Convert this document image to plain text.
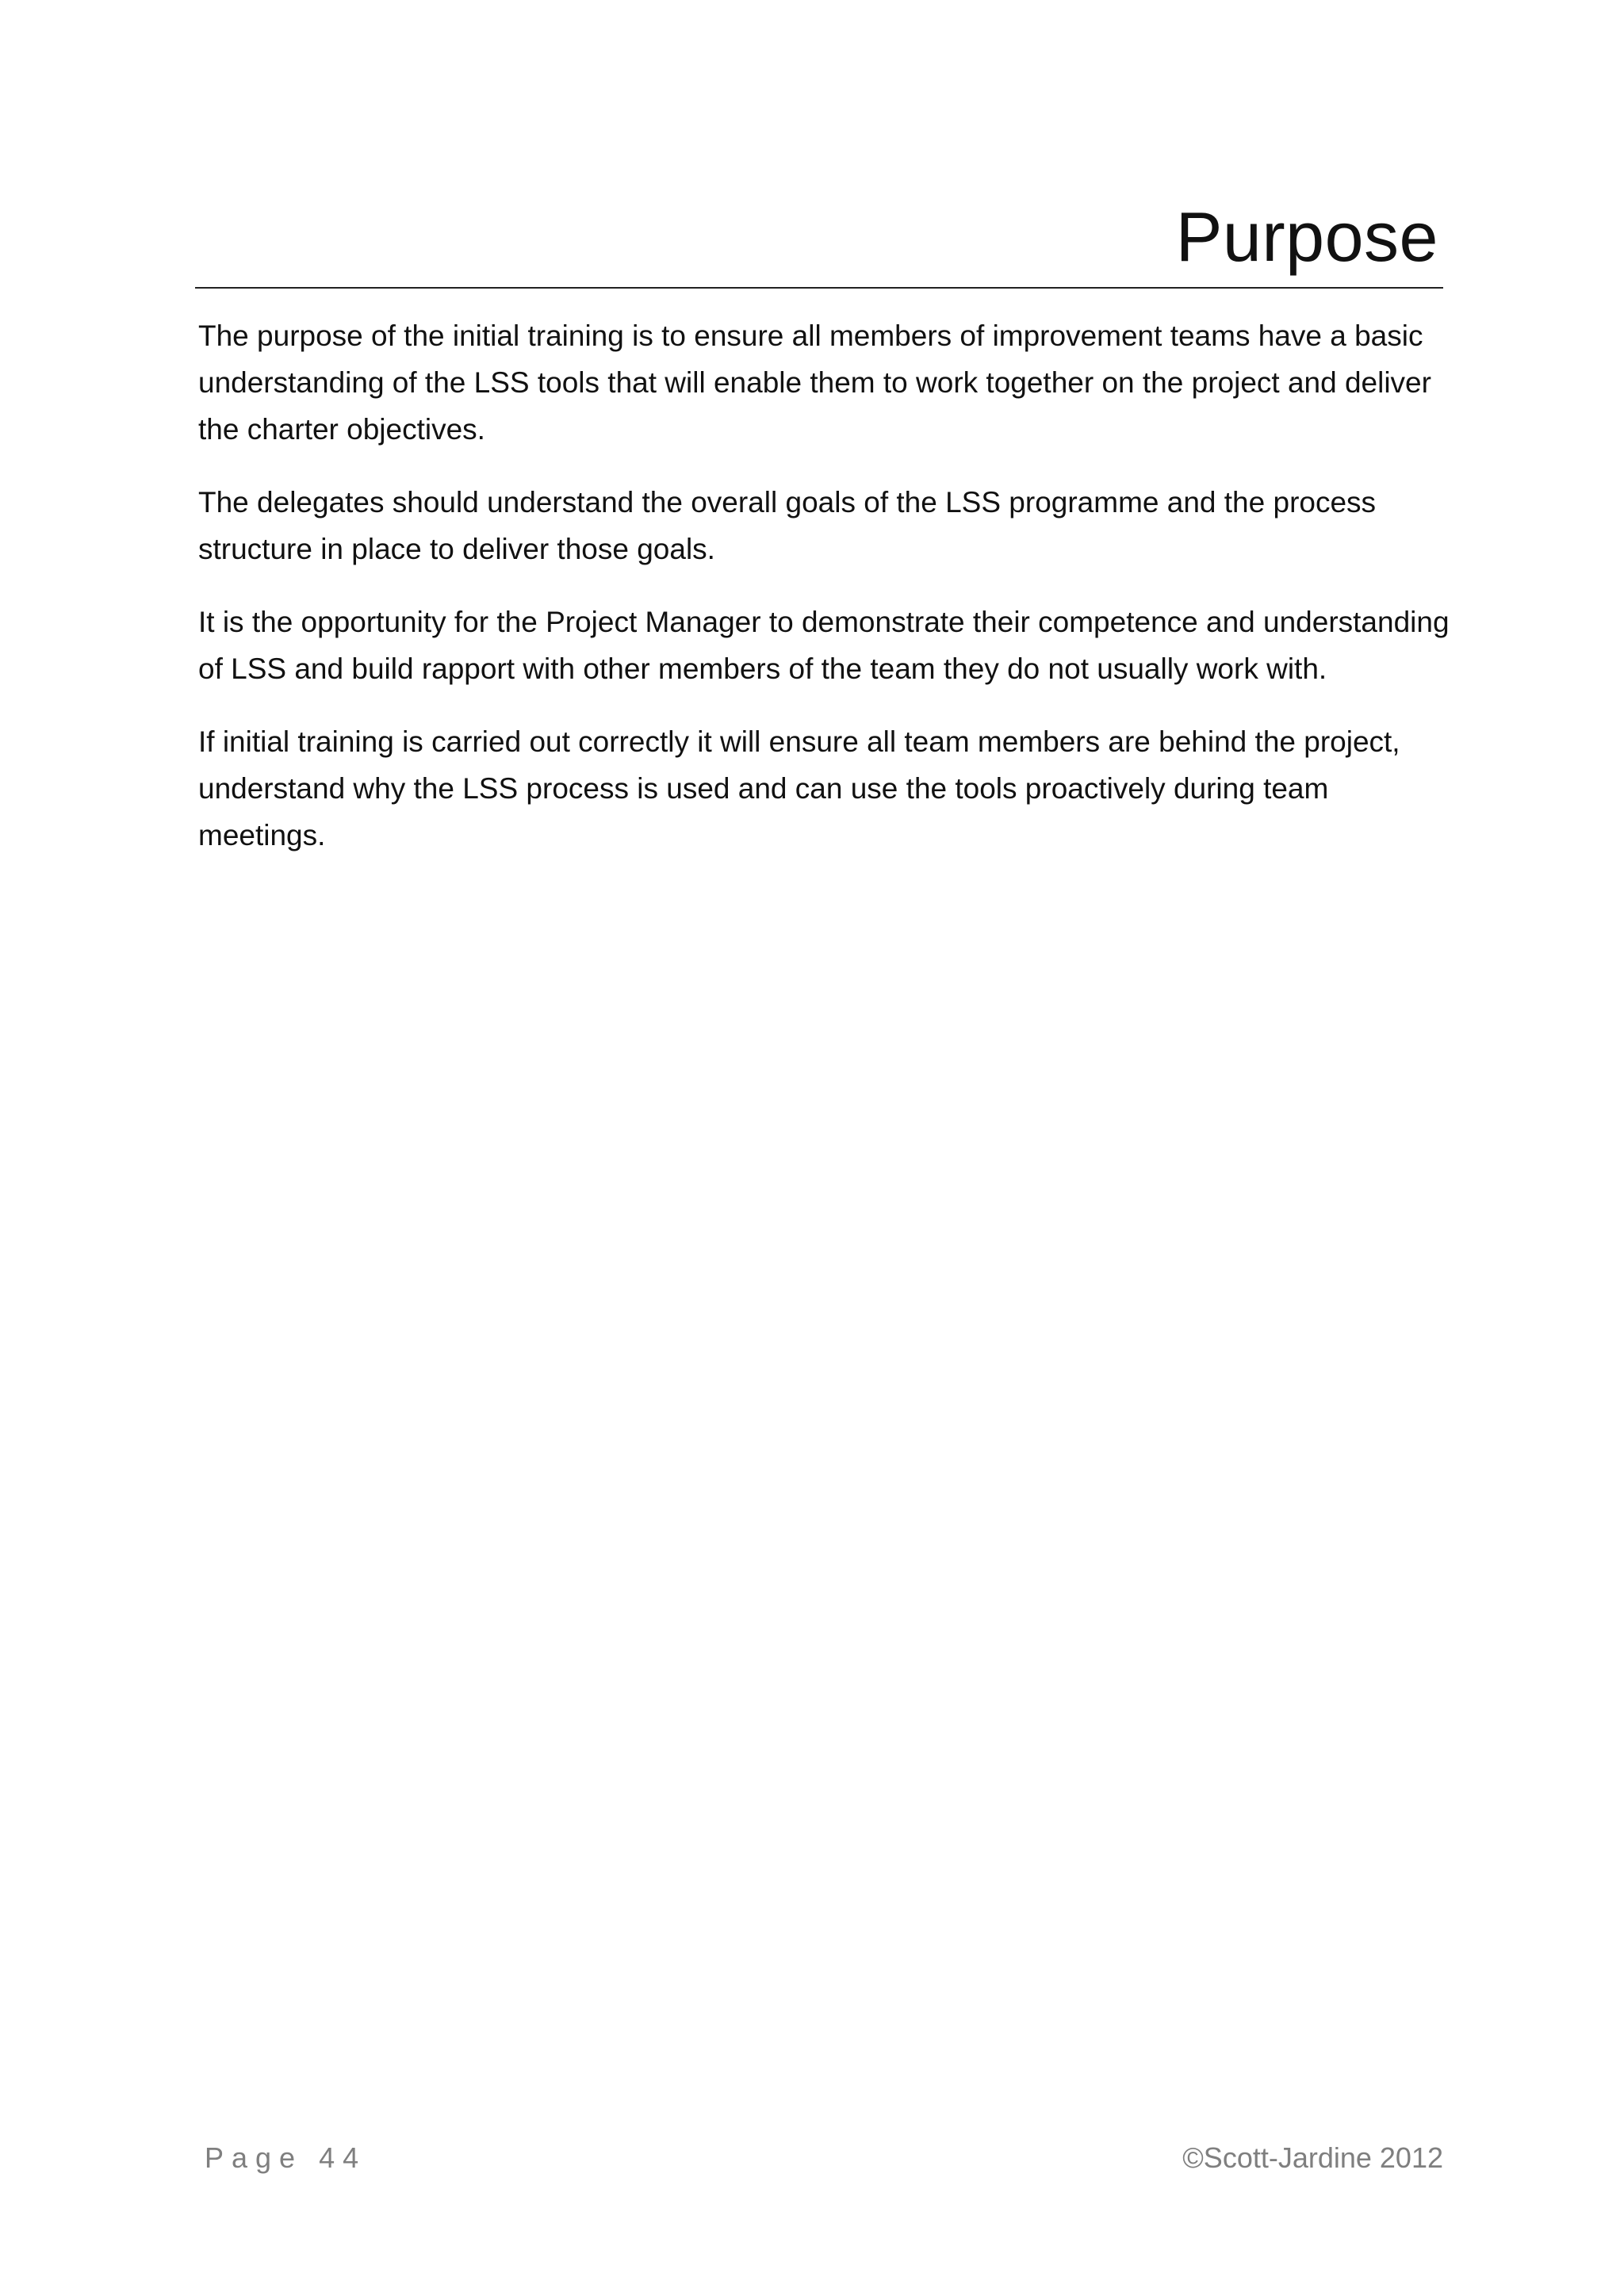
Purpose

The purpose of the initial training is to ensure all members of improvement teams have a basic understanding of the LSS tools that will enable them to work together on the project and deliver the charter objectives.

The delegates should understand the overall goals of the LSS programme and the process structure in place to deliver those goals.

It is the opportunity for the Project Manager to demonstrate their competence and understanding of LSS and build rapport with other members of the team they do not usually work with.

If initial training is carried out correctly it will ensure all team members are behind the project, understand why the LSS process is used and can use the tools proactively during team meetings.

Page 44	©Scott-Jardine 2012
